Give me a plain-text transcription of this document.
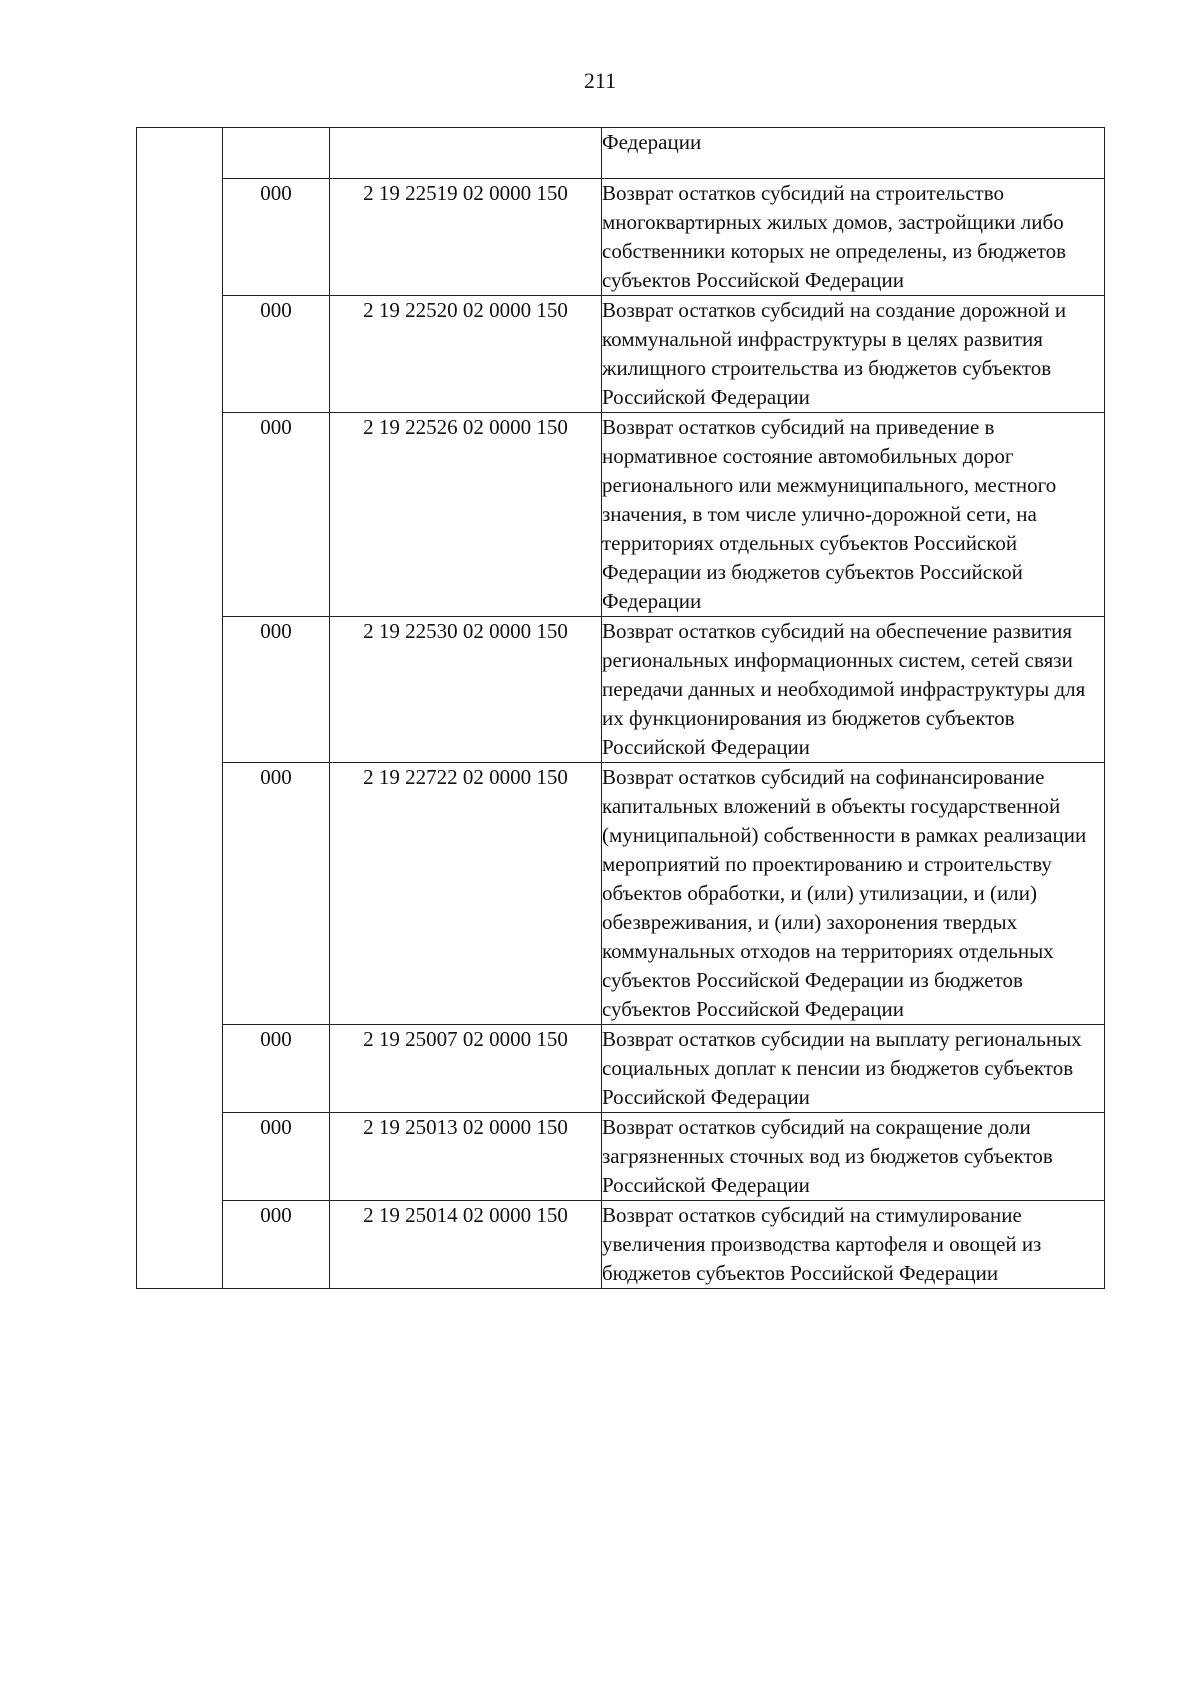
211
			Федерации
	000	2 19 22519 02 0000 150	Возврат остатков субсидий на строительство многоквартирных жилых домов, застройщики либо собственники которых не определены, из бюджетов субъектов Российской Федерации
	000	2 19 22520 02 0000 150	Возврат остатков субсидий на создание дорожной и коммунальной инфраструктуры в целях развития жилищного строительства из бюджетов субъектов Российской Федерации
	000	2 19 22526 02 0000 150	Возврат остатков субсидий на приведение в нормативное состояние автомобильных дорог регионального или межмуниципального, местного значения, в том числе улично-дорожной сети, на территориях отдельных субъектов Российской Федерации из бюджетов субъектов Российской Федерации
	000	2 19 22530 02 0000 150	Возврат остатков субсидий на обеспечение развития региональных информационных систем, сетей связи передачи данных и необходимой инфраструктуры для их функционирования из бюджетов субъектов Российской Федерации
	000	2 19 22722 02 0000 150	Возврат остатков субсидий на софинансирование капитальных вложений в объекты государственной (муниципальной) собственности в рамках реализации мероприятий по проектированию и строительству объектов обработки, и (или) утилизации, и (или) обезвреживания, и (или) захоронения твердых коммунальных отходов на территориях отдельных субъектов Российской Федерации из бюджетов субъектов Российской Федерации
	000	2 19 25007 02 0000 150	Возврат остатков субсидии на выплату региональных социальных доплат к пенсии из бюджетов субъектов Российской Федерации
	000	2 19 25013 02 0000 150	Возврат остатков субсидий на сокращение доли загрязненных сточных вод из бюджетов субъектов Российской Федерации
	000	2 19 25014 02 0000 150	Возврат остатков субсидий на стимулирование увеличения производства картофеля и овощей из бюджетов субъектов Российской Федерации
